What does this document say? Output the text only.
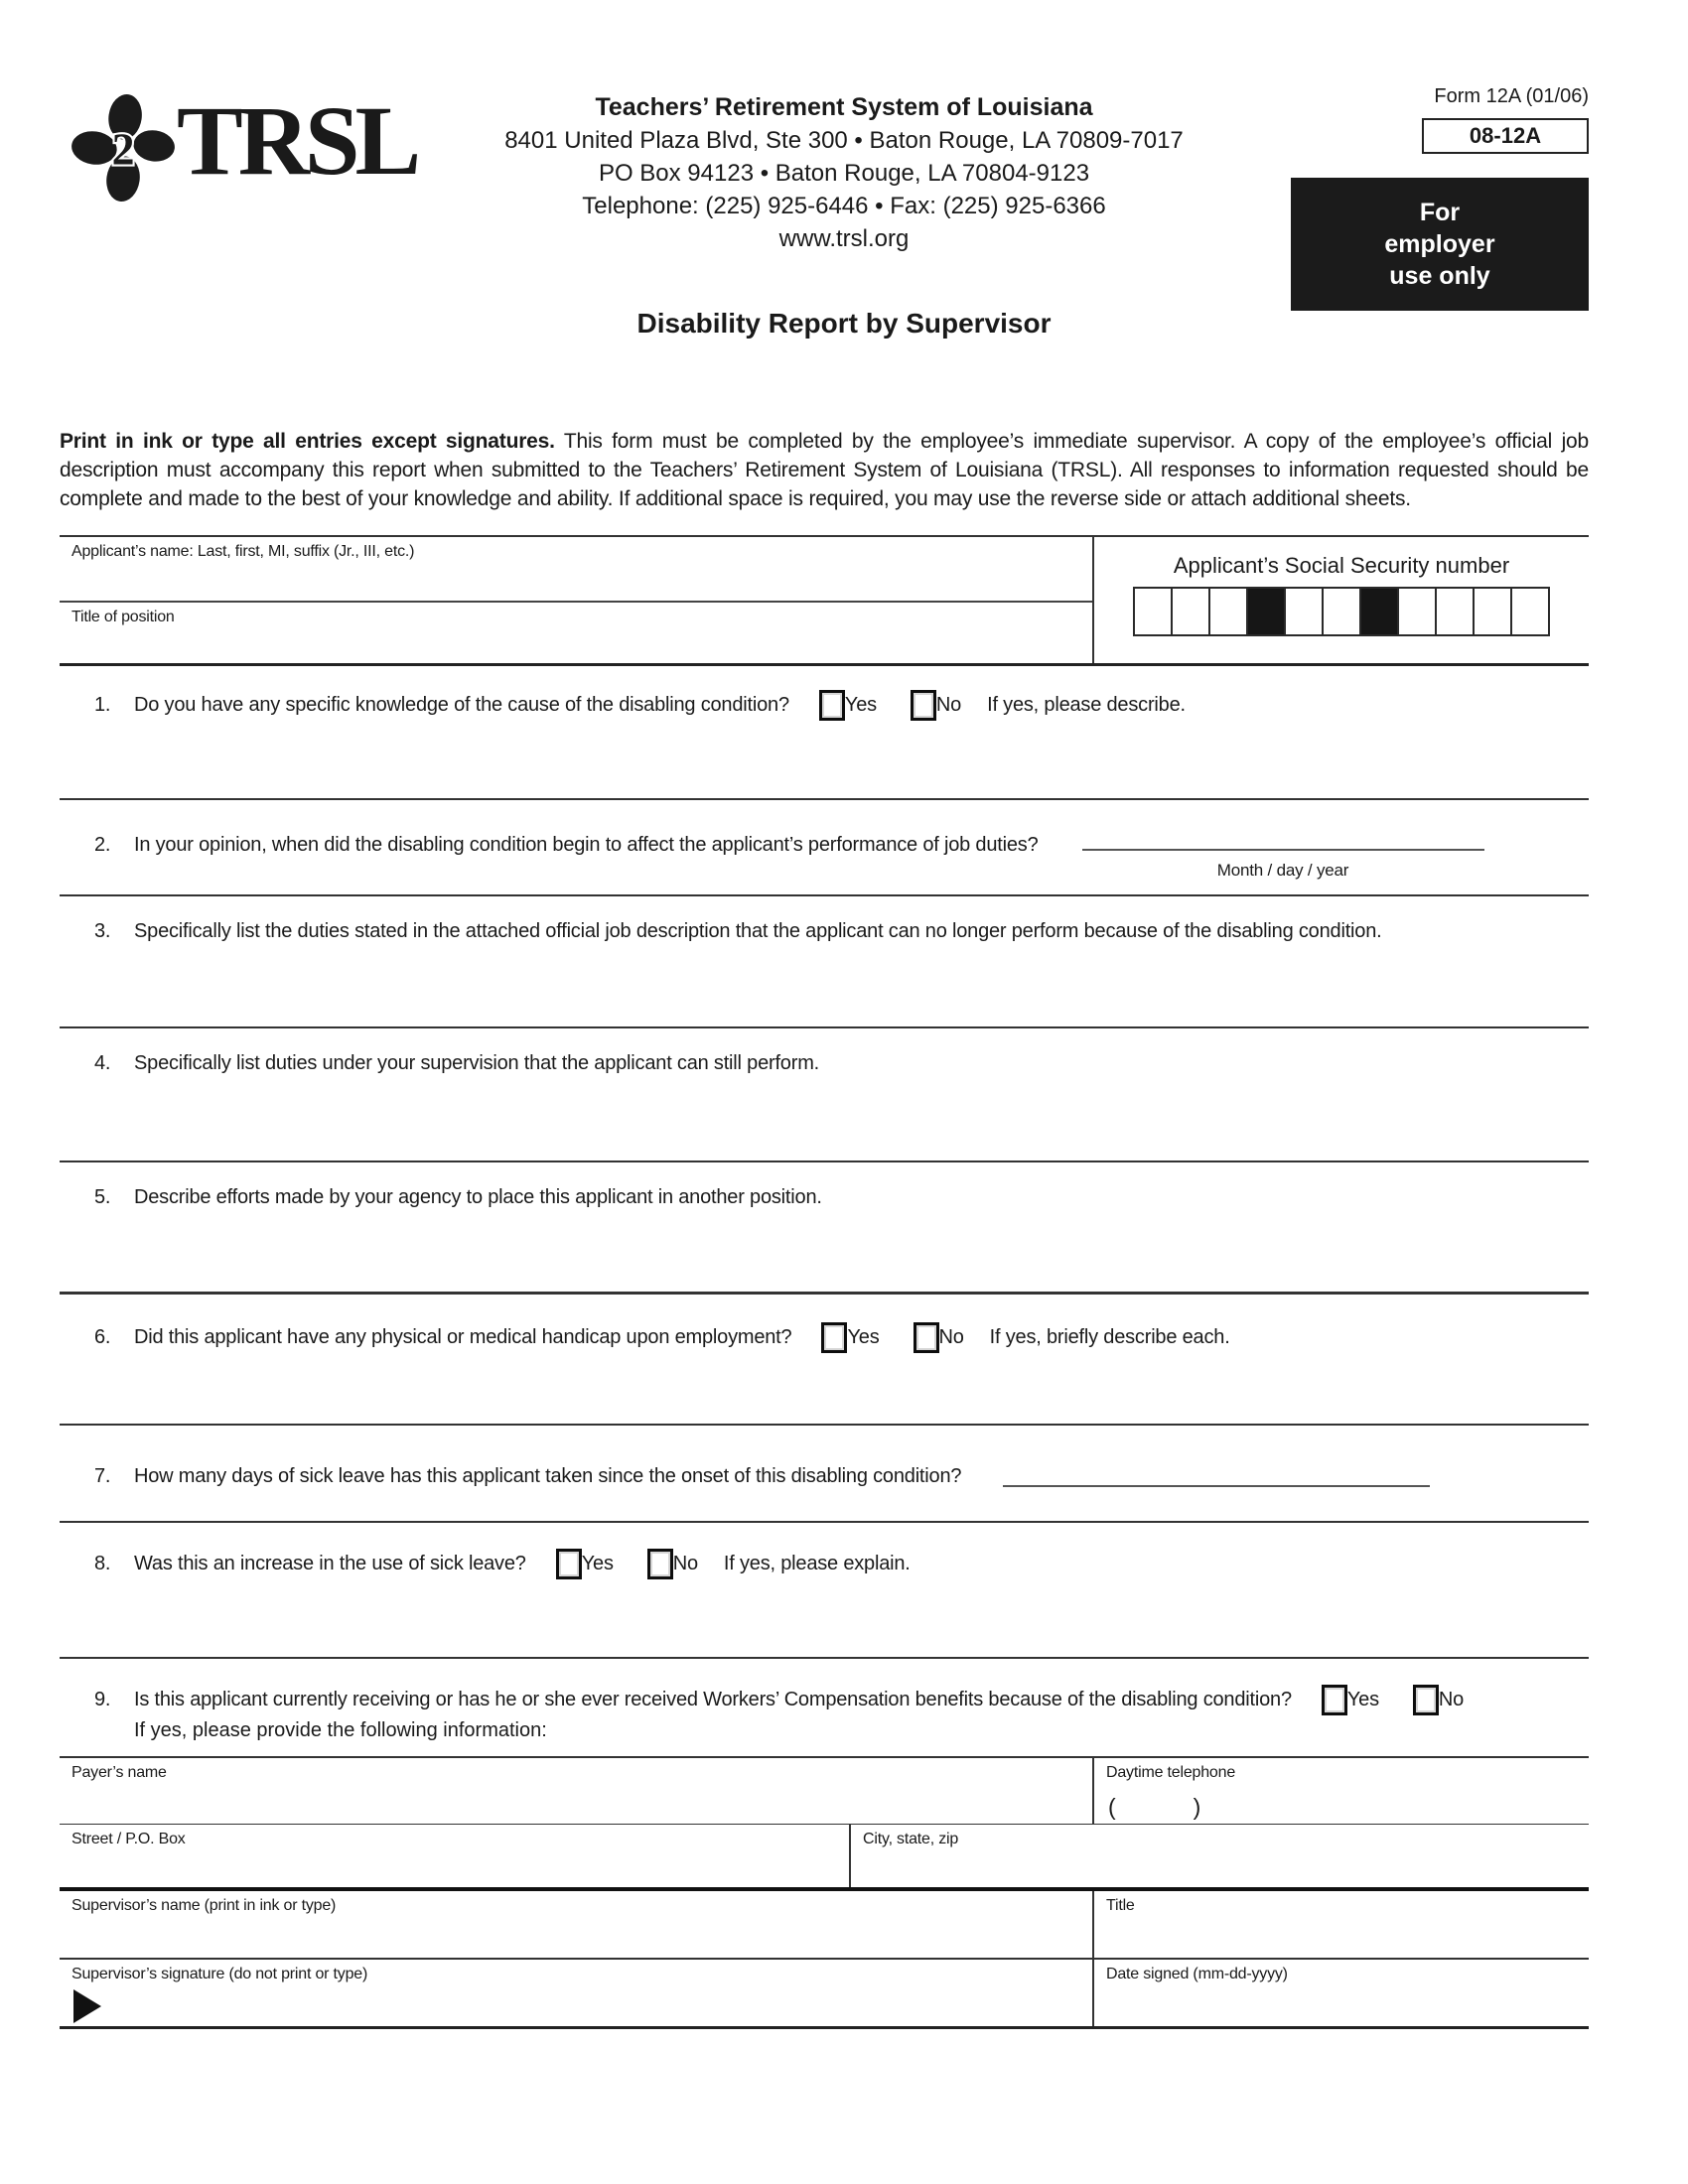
2 TRSL	Teachers’ Retirement System of Louisiana
8401 United Plaza Blvd, Ste 300 • Baton Rouge, LA 70809-7017
PO Box 94123 • Baton Rouge, LA 70804-9123
Telephone: (225) 925-6446 • Fax: (225) 925-6366
www.trsl.org
Disability Report by Supervisor
Form 12A (01/06)
08-12A
For
employer
use only

Print in ink or type all entries except signatures. This form must be completed by the employee’s immediate supervisor. A copy of the employee’s official job description must accompany this report when submitted to the Teachers’ Retirement System of Louisiana (TRSL). All responses to information requested should be complete and made to the best of your knowledge and ability. If additional space is required, you may use the reverse side or attach additional sheets.

Applicant’s name: Last, first, MI, suffix (Jr., III, etc.)
Title of position
Applicant’s Social Security number
1.	Do you have any specific knowledge of the cause of the disabling condition?	Yes	No If yes, please describe.
2.	In your opinion, when did the disabling condition begin to affect the applicant’s performance of job duties?
Month / day / year
3.	Specifically list the duties stated in the attached official job description that the applicant can no longer perform because of the disabling condition.
4.	Specifically list duties under your supervision that the applicant can still perform.
5.	Describe efforts made by your agency to place this applicant in another position.
6.	Did this applicant have any physical or medical handicap upon employment?	Yes	No If yes, briefly describe each.
7.	How many days of sick leave has this applicant taken since the onset of this disabling condition?
8.	Was this an increase in the use of sick leave?	Yes	No If yes, please explain.
9.	Is this applicant currently receiving or has he or she ever received Workers’ Compensation benefits because of the disabling condition?	Yes	No
If yes, please provide the following information:
Payer’s name	Daytime telephone
(	)
Street / P.O. Box	City, state, zip
Supervisor’s name (print in ink or type)	Title
Supervisor’s signature (do not print or type)	Date signed (mm-dd-yyyy)
